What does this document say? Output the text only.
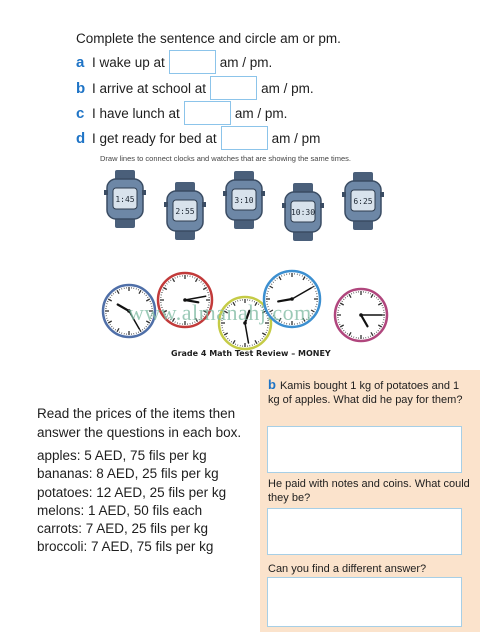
Complete the sentence and circle am or pm.
a I wake up at	am / pm.
b I arrive at school at	am / pm.
c I have lunch at	am / pm.
d I get ready for bed at	am / pm
Draw lines to connect clocks and watches that are showing the same times.
1:45
2:55
3:10
10:30
6:25
www.almanahj.com
Grade 4 Math Test Review – MONEY
Read the prices of the items then answer the questions in each box.
apples: 5 AED, 75 fils per kg
bananas: 8 AED, 25 fils per kg
potatoes: 12 AED, 25 fils per kg
melons: 1 AED, 50 fils each
carrots: 7 AED, 25 fils per kg
broccoli: 7 AED, 75 fils per kg
b Kamis bought 1 kg of potatoes and 1 kg of apples. What did he pay for them?
He paid with notes and coins. What could they be?
Can you find a different answer?
